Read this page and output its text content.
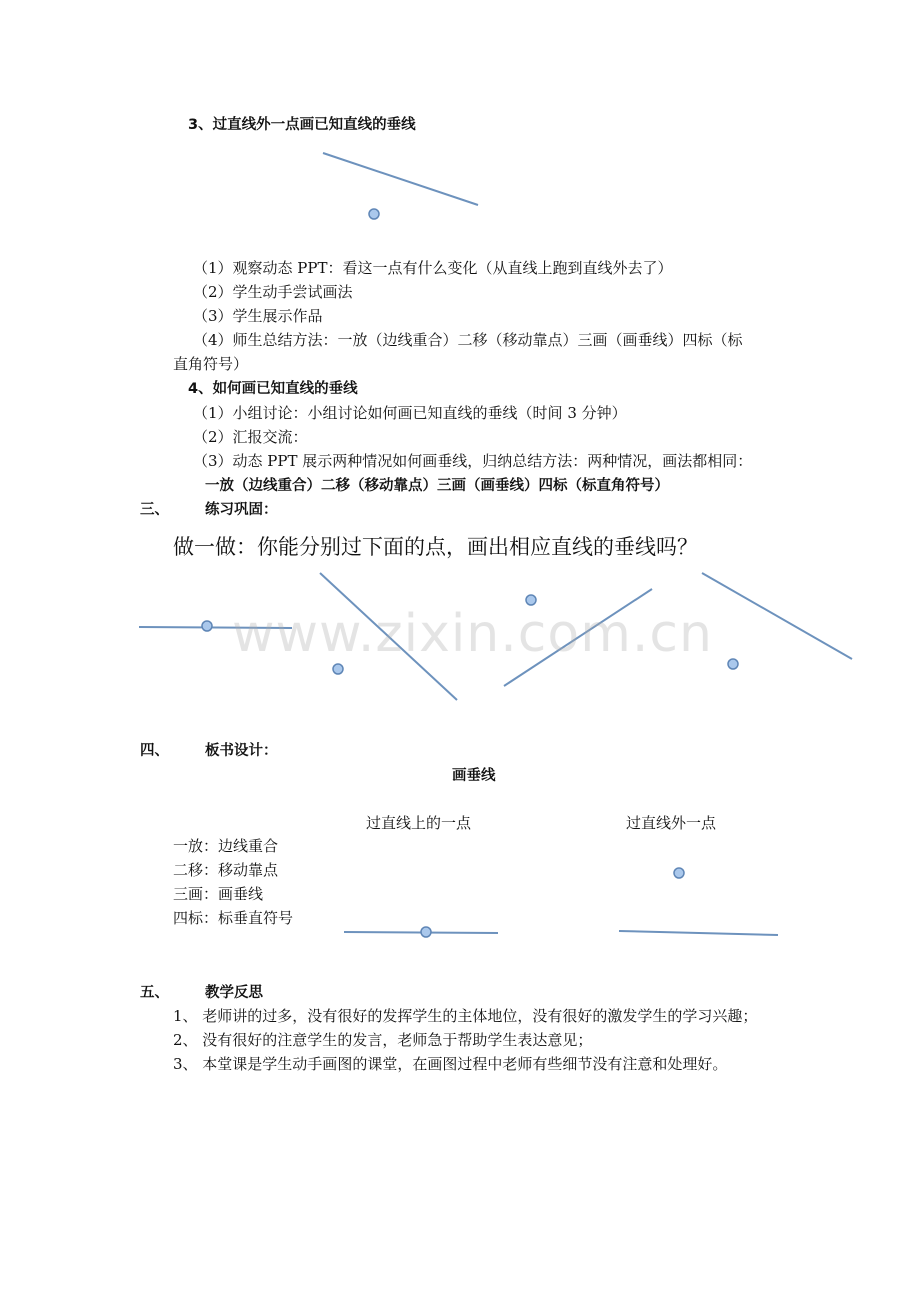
3、过直线外一点画已知直线的垂线
（1）观察动态 PPT：看这一点有什么变化（从直线上跑到直线外去了）
（2）学生动手尝试画法
（3）学生展示作品
（4）师生总结方法：一放（边线重合）二移（移动靠点）三画（画垂线）四标（标
直角符号）
4、如何画已知直线的垂线
（1）小组讨论：小组讨论如何画已知直线的垂线（时间 3 分钟）
（2）汇报交流：
（3）动态 PPT 展示两种情况如何画垂线，归纳总结方法：两种情况，画法都相同：
一放（边线重合）二移（移动靠点）三画（画垂线）四标（标直角符号）
三、 练习巩固：
做一做：你能分别过下面的点，画出相应直线的垂线吗？
www.zixin.com.cn
四、 板书设计：
画垂线
过直线上的一点	过直线外一点
一放：边线重合
二移：移动靠点
三画：画垂线
四标：标垂直符号
五、 教学反思
1、 老师讲的过多，没有很好的发挥学生的主体地位，没有很好的激发学生的学习兴趣；
2、 没有很好的注意学生的发言，老师急于帮助学生表达意见；
3、 本堂课是学生动手画图的课堂，在画图过程中老师有些细节没有注意和处理好。
